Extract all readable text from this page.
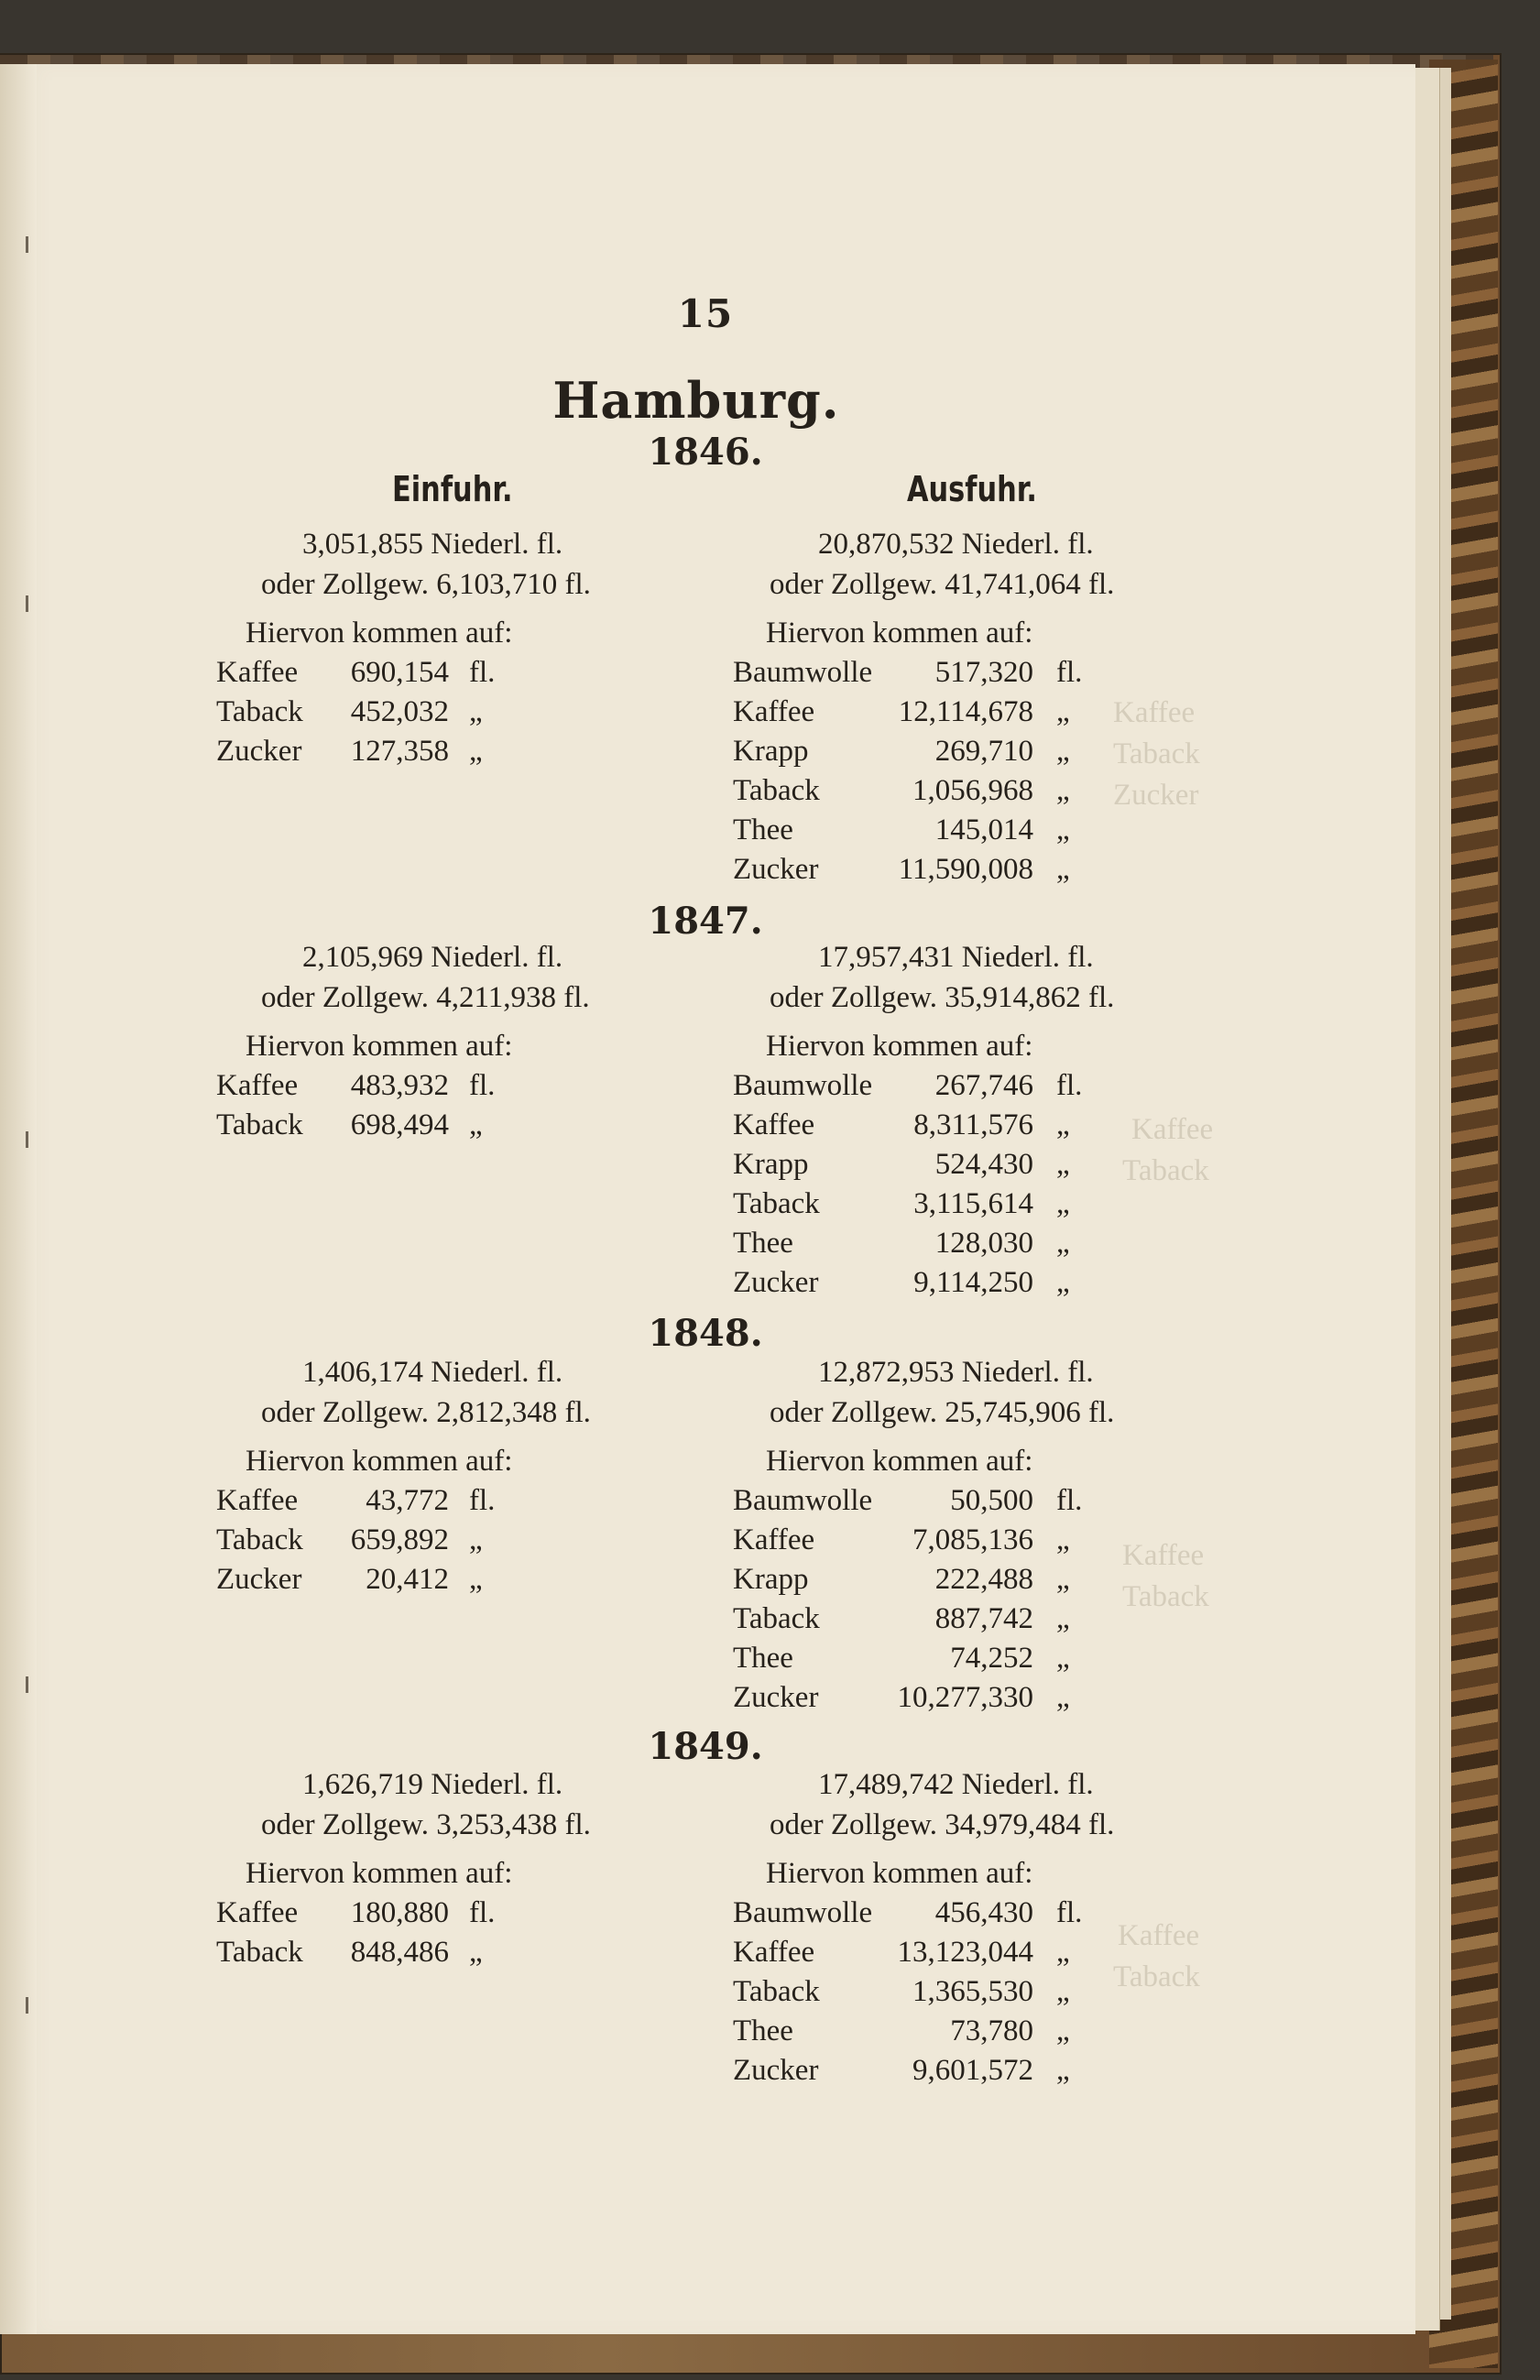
Kaffee
Taback
Zucker
Kaffee
Taback
Kaffee
Taback
Kaffee
Taback
15
Hamburg.
Einfuhr.	Ausfuhr.
1846.
3,051,855 Niederl. fl.
oder Zollgew. 6,103,710 fl.
Hiervon kommen auf:
Kaffee	690,154 fl.
Taback	452,032 „
Zucker	127,358 „
20,870,532 Niederl. fl.
oder Zollgew. 41,741,064 fl.
Hiervon kommen auf:
Baumwolle	517,320 fl.
Kaffee	12,114,678 „
Krapp	269,710 „
Taback	1,056,968 „
Thee	145,014 „
Zucker	11,590,008 „
1847.
2,105,969 Niederl. fl.
oder Zollgew. 4,211,938 fl.
Hiervon kommen auf:
Kaffee	483,932 fl.
Taback	698,494 „
17,957,431 Niederl. fl.
oder Zollgew. 35,914,862 fl.
Hiervon kommen auf:
Baumwolle	267,746 fl.
Kaffee	8,311,576 „
Krapp	524,430 „
Taback	3,115,614 „
Thee	128,030 „
Zucker	9,114,250 „
1848.
1,406,174 Niederl. fl.
oder Zollgew. 2,812,348 fl.
Hiervon kommen auf:
Kaffee	43,772 fl.
Taback	659,892 „
Zucker	20,412 „
12,872,953 Niederl. fl.
oder Zollgew. 25,745,906 fl.
Hiervon kommen auf:
Baumwolle	50,500 fl.
Kaffee	7,085,136 „
Krapp	222,488 „
Taback	887,742 „
Thee	74,252 „
Zucker	10,277,330 „
1849.
1,626,719 Niederl. fl.
oder Zollgew. 3,253,438 fl.
Hiervon kommen auf:
Kaffee	180,880 fl.
Taback	848,486 „
17,489,742 Niederl. fl.
oder Zollgew. 34,979,484 fl.
Hiervon kommen auf:
Baumwolle	456,430 fl.
Kaffee	13,123,044 „
Taback	1,365,530 „
Thee	73,780 „
Zucker	9,601,572 „
